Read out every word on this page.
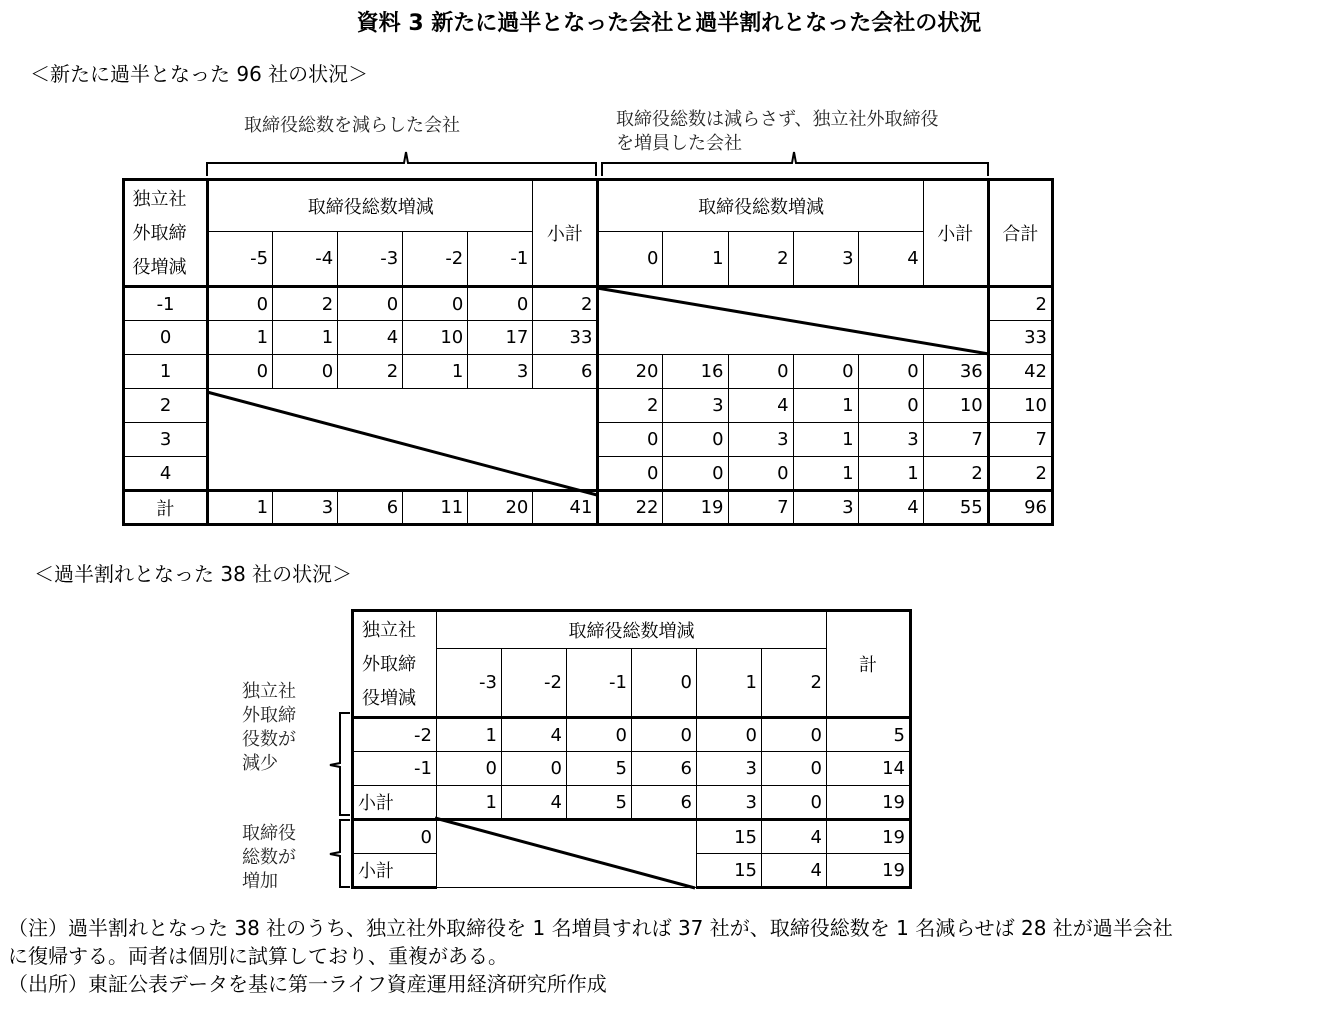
資料 3 新たに過半となった会社と過半割れとなった会社の状況
＜新たに過半となった 96 社の状況＞
取締役総数を減らした会社	取締役総数は減らさず、独立社外取締役
を増員した会社
独立社外取締役増減	取締役総数増減					小計	取締役総数増減					小計	合計
	-5	-4	-3	-2	-1		0	1	2	3	4		
-1	0	2	0	0	0	2							2
0	1	1	4	10	17	33							33
1	0	0	2	1	3	6	20	16	0	0	0	36	42
2							2	3	4	1	0	10	10
3							0	0	3	1	3	7	7
4							0	0	0	1	1	2	2
計	1	3	6	11	20	41	22	19	7	3	4	55	96
＜過半割れとなった 38 社の状況＞
独立社
外取締
役数が
減少
取締役
総数が
増加
独立社外取締役増減	取締役総数増減						計
	-3	-2	-1	0	1	2	
-2	1	4	0	0	0	0	5
-1	0	0	5	6	3	0	14
小計	1	4	5	6	3	0	19
0					15	4	19
小計					15	4	19
（注）過半割れとなった 38 社のうち、独立社外取締役を 1 名増員すれば 37 社が、取締役総数を 1 名減らせば 28 社が過半会社
に復帰する。両者は個別に試算しており、重複がある。
（出所）東証公表データを基に第一ライフ資産運用経済研究所作成
